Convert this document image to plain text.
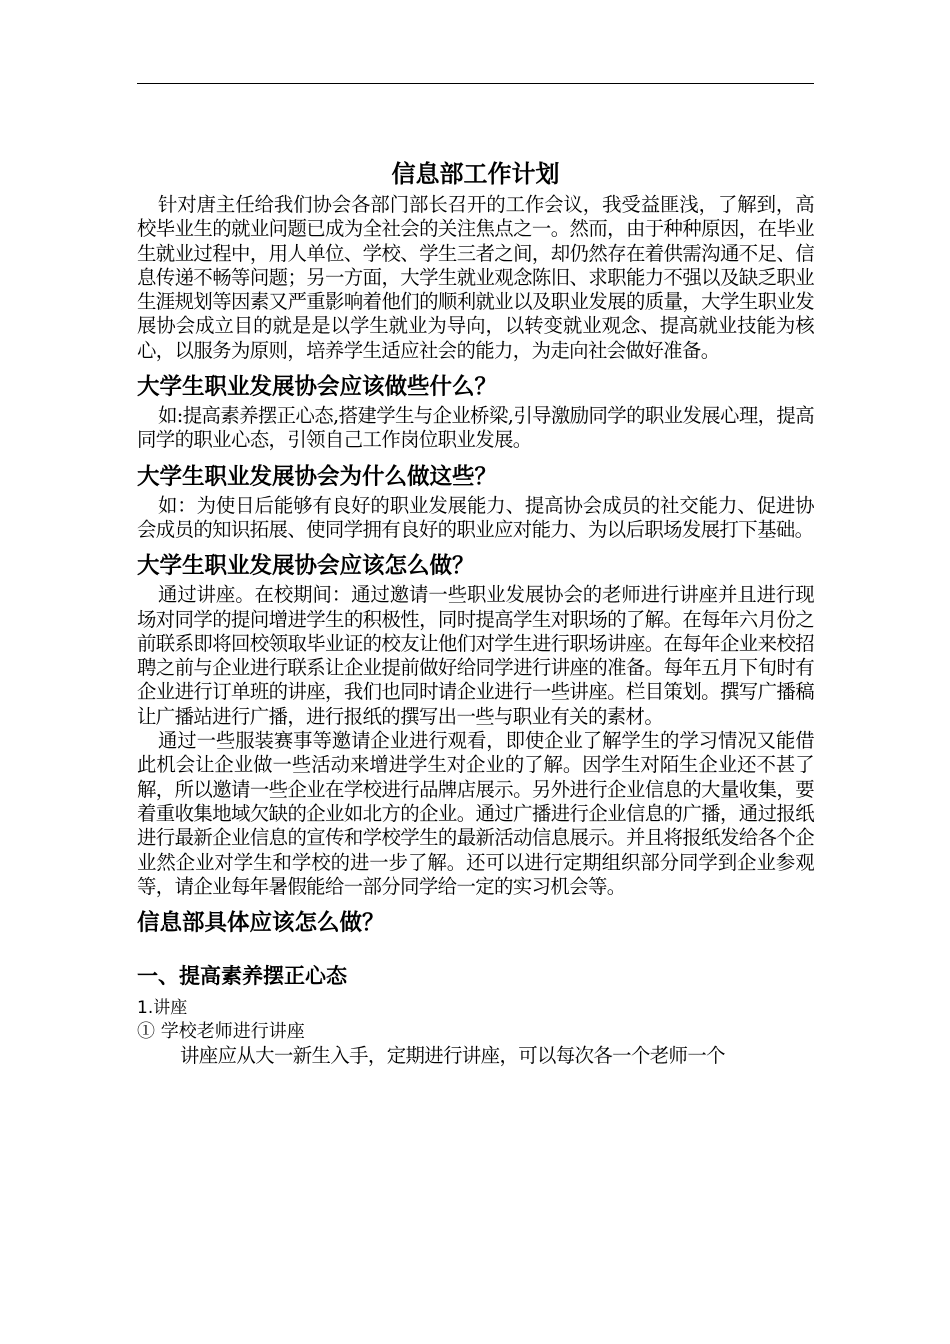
信息部工作计划

针对唐主任给我们协会各部门部长召开的工作会议，我受益匪浅，了解到，高校毕业生的就业问题已成为全社会的关注焦点之一。然而，由于种种原因，在毕业生就业过程中，用人单位、学校、学生三者之间，却仍然存在着供需沟通不足、信息传递不畅等问题；另一方面，大学生就业观念陈旧、求职能力不强以及缺乏职业生涯规划等因素又严重影响着他们的顺利就业以及职业发展的质量，大学生职业发展协会成立目的就是是以学生就业为导向，以转变就业观念、提高就业技能为核心，以服务为原则，培养学生适应社会的能力，为走向社会做好准备。

大学生职业发展协会应该做些什么？

如:提高素养摆正心态,搭建学生与企业桥梁,引导激励同学的职业发展心理，提高同学的职业心态，引领自己工作岗位职业发展。

大学生职业发展协会为什么做这些？

如：为使日后能够有良好的职业发展能力、提高协会成员的社交能力、促进协会成员的知识拓展、使同学拥有良好的职业应对能力、为以后职场发展打下基础。

大学生职业发展协会应该怎么做？

通过讲座。在校期间：通过邀请一些职业发展协会的老师进行讲座并且进行现场对同学的提问增进学生的积极性，同时提高学生对职场的了解。在每年六月份之前联系即将回校领取毕业证的校友让他们对学生进行职场讲座。在每年企业来校招聘之前与企业进行联系让企业提前做好给同学进行讲座的准备。每年五月下旬时有企业进行订单班的讲座，我们也同时请企业进行一些讲座。栏目策划。撰写广播稿让广播站进行广播，进行报纸的撰写出一些与职业有关的素材。

通过一些服装赛事等邀请企业进行观看，即使企业了解学生的学习情况又能借此机会让企业做一些活动来增进学生对企业的了解。因学生对陌生企业还不甚了解，所以邀请一些企业在学校进行品牌店展示。另外进行企业信息的大量收集，要着重收集地域欠缺的企业如北方的企业。通过广播进行企业信息的广播，通过报纸进行最新企业信息的宣传和学校学生的最新活动信息展示。并且将报纸发给各个企业然企业对学生和学校的进一步了解。还可以进行定期组织部分同学到企业参观等，请企业每年暑假能给一部分同学给一定的实习机会等。

信息部具体应该怎么做？
一、提高素养摆正心态
1.讲座
① 学校老师进行讲座

讲座应从大一新生入手，定期进行讲座，可以每次各一个老师一个
